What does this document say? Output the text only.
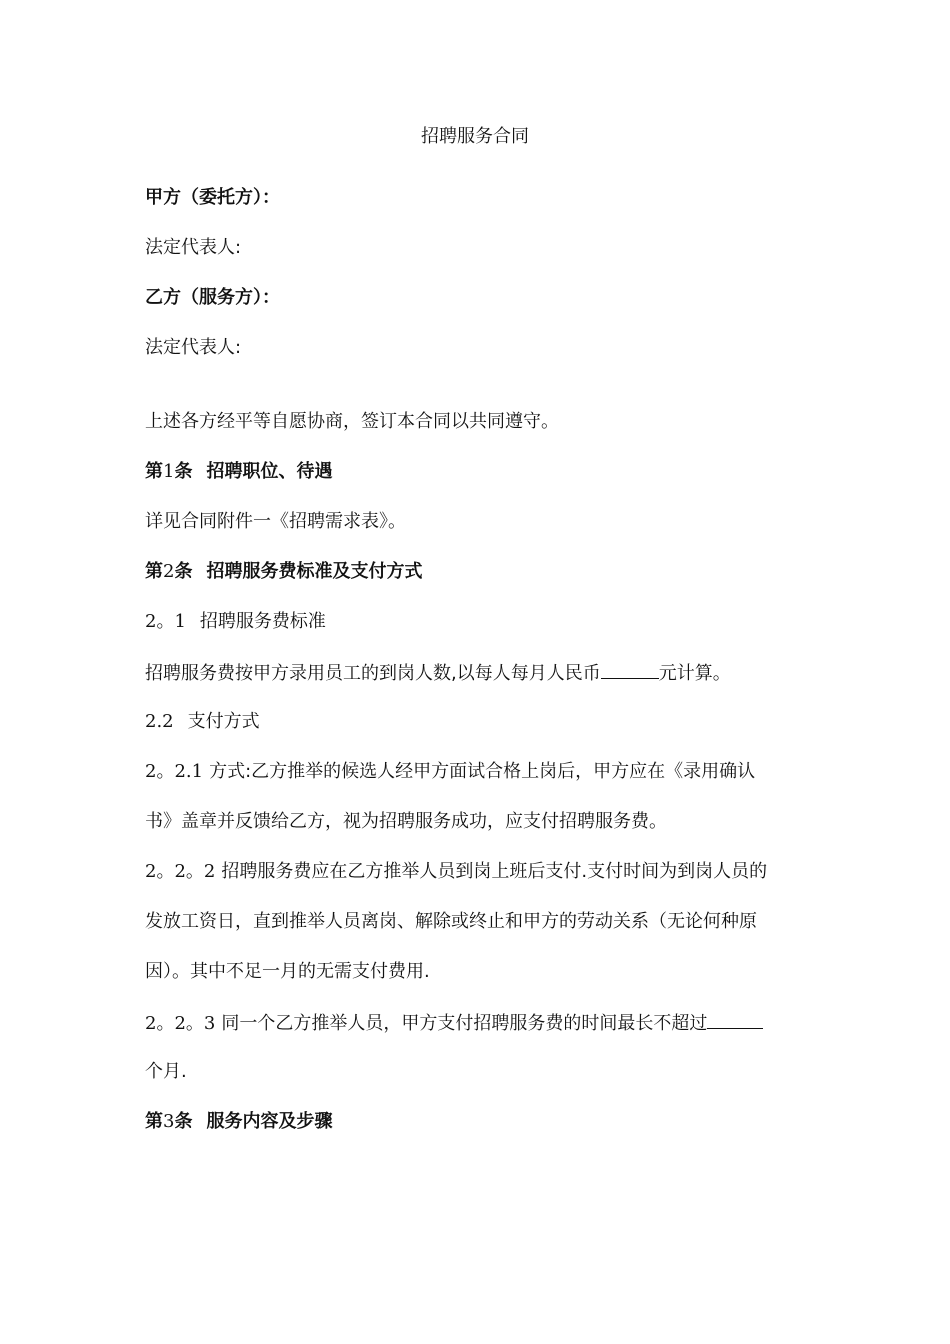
招聘服务合同
甲方（委托方）：
法定代表人:
乙方（服务方）：
法定代表人:
上述各方经平等自愿协商，签订本合同以共同遵守。
第1条 招聘职位、待遇
详见合同附件一《招聘需求表》。
第2条 招聘服务费标准及支付方式
2。1 招聘服务费标准
招聘服务费按甲方录用员工的到岗人数,以每人每月人民币	元计算。
2.2 支付方式
2。2.1 方式:乙方推举的候选人经甲方面试合格上岗后，甲方应在《录用确认
书》盖章并反馈给乙方，视为招聘服务成功，应支付招聘服务费。
2。2。2 招聘服务费应在乙方推举人员到岗上班后支付.支付时间为到岗人员的
发放工资日，直到推举人员离岗、解除或终止和甲方的劳动关系（无论何种原
因）。其中不足一月的无需支付费用.
2。2。3 同一个乙方推举人员，甲方支付招聘服务费的时间最长不超过
个月.
第3条 服务内容及步骤
